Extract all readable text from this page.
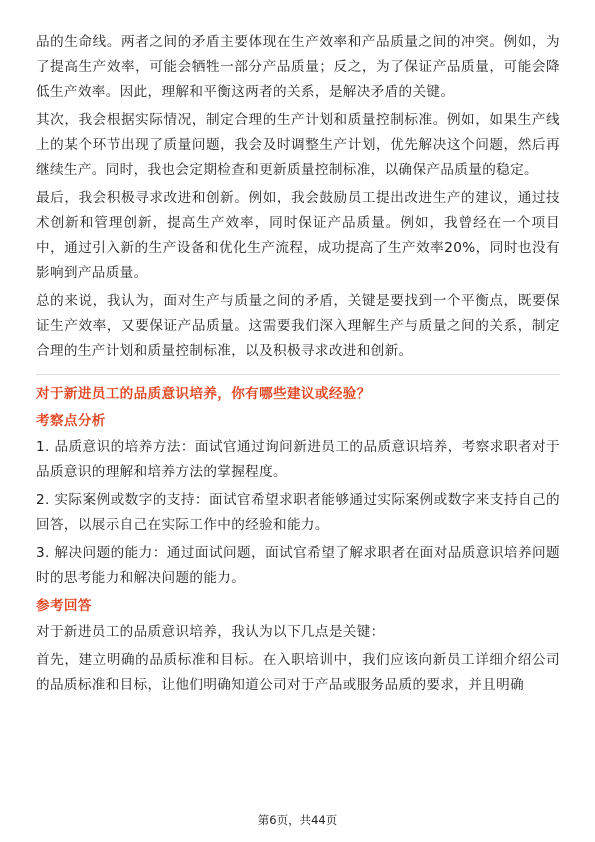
品的生命线。两者之间的矛盾主要体现在生产效率和产品质量之间的冲突。例如，为了提高生产效率，可能会牺牲一部分产品质量；反之，为了保证产品质量，可能会降低生产效率。因此，理解和平衡这两者的关系，是解决矛盾的关键。

其次，我会根据实际情况，制定合理的生产计划和质量控制标准。例如，如果生产线上的某个环节出现了质量问题，我会及时调整生产计划，优先解决这个问题，然后再继续生产。同时，我也会定期检查和更新质量控制标准，以确保产品质量的稳定。

最后，我会积极寻求改进和创新。例如，我会鼓励员工提出改进生产的建议，通过技术创新和管理创新，提高生产效率，同时保证产品质量。例如，我曾经在一个项目中，通过引入新的生产设备和优化生产流程，成功提高了生产效率20%，同时也没有影响到产品质量。

总的来说，我认为，面对生产与质量之间的矛盾，关键是要找到一个平衡点，既要保证生产效率，又要保证产品质量。这需要我们深入理解生产与质量之间的关系，制定合理的生产计划和质量控制标准，以及积极寻求改进和创新。

对于新进员工的品质意识培养，你有哪些建议或经验？
考察点分析

1. 品质意识的培养方法：面试官通过询问新进员工的品质意识培养，考察求职者对于品质意识的理解和培养方法的掌握程度。

2. 实际案例或数字的支持：面试官希望求职者能够通过实际案例或数字来支持自己的回答，以展示自己在实际工作中的经验和能力。

3. 解决问题的能力：通过面试问题，面试官希望了解求职者在面对品质意识培养问题时的思考能力和解决问题的能力。

参考回答

对于新进员工的品质意识培养，我认为以下几点是关键：

首先，建立明确的品质标准和目标。在入职培训中，我们应该向新员工详细介绍公司的品质标准和目标，让他们明确知道公司对于产品或服务品质的要求，并且明确

第6页，共44页
